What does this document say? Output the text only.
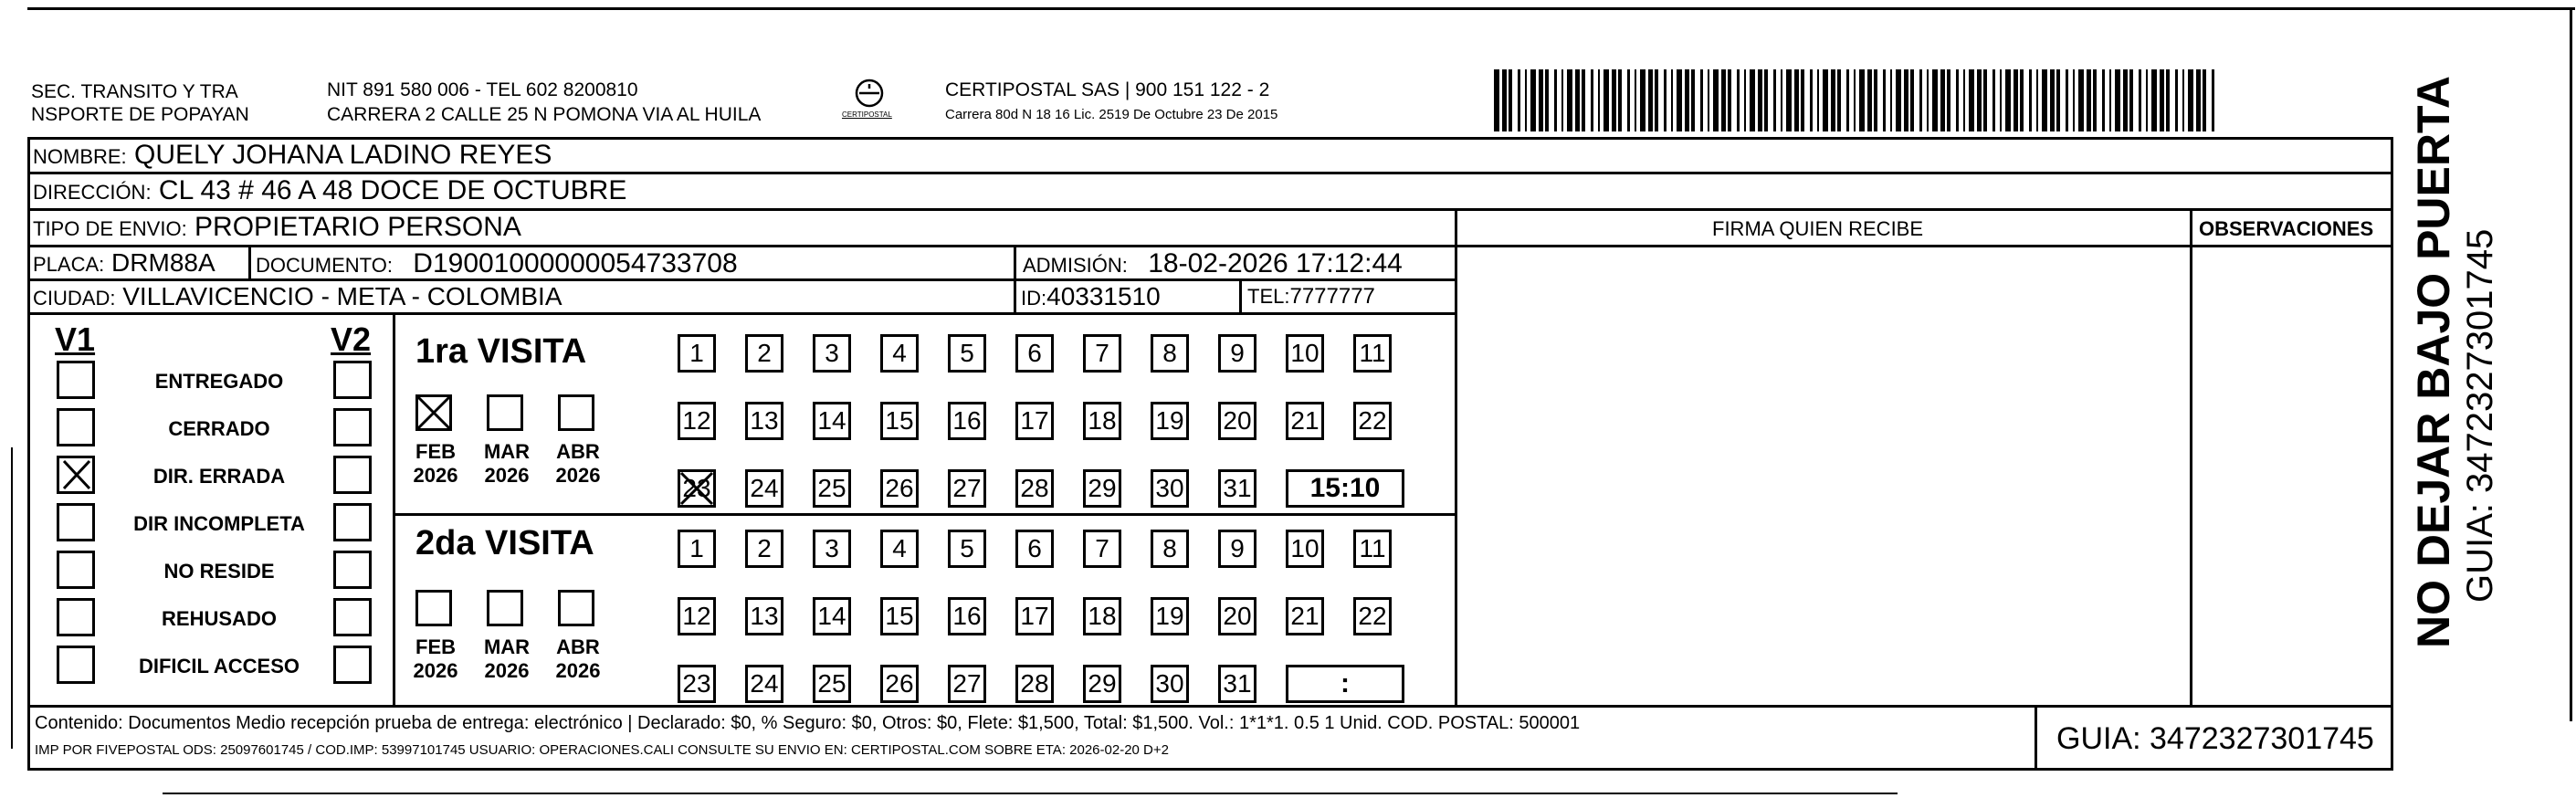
SEC. TRANSITO Y TRA
NSPORTE DE POPAYAN
NIT 891 580 006 - TEL 602 8200810
CARRERA 2 CALLE 25 N POMONA VIA AL HUILA	CERTIPOSTAL
CERTIPOSTAL SAS | 900 151 122 - 2
Carrera 80d N 18 16 Lic. 2519 De Octubre 23 De 2015
NOMBRE: QUELY JOHANA LADINO REYES
DIRECCIÓN: CL 43 # 46 A 48 DOCE DE OCTUBRE
TIPO DE ENVIO: PROPIETARIO PERSONA	FIRMA QUIEN RECIBE	OBSERVACIONES
PLACA: DRM88A DOCUMENTO: D19001000000054733708	ADMISIÓN: 18-02-2026 17:12:44
CIUDAD: VILLAVICENCIO - META - COLOMBIA	ID:40331510	TEL:7777777
V1	V2 1ra VISITA
2da VISITA
Contenido: Documentos Medio recepción prueba de entrega: electrónico | Declarado: $0, % Seguro: $0, Otros: $0, Flete: $1,500, Total: $1,500. Vol.: 1*1*1. 0.5 1 Unid. COD. POSTAL: 500001
IMP POR FIVEPOSTAL ODS: 25097601745 / COD.IMP: 53997101745 USUARIO: OPERACIONES.CALI CONSULTE SU ENVIO EN: CERTIPOSTAL.COM SOBRE ETA: 2026-02-20 D+2	GUIA: 3472327301745
NO DEJAR BAJO PUERTA GUIA: 3472327301745
ENTREGADO
CERRADO
DIR. ERRADA
DIR INCOMPLETA
NO RESIDE
REHUSADO
DIFICIL ACCESO
FEB
2026
MAR
2026
ABR
2026
FEB
2026
MAR
2026
ABR
2026
1	2	3	4	5	6	7	8	9	10 11
12 13 14 15 16 17 18 19 20 21 22
23 24 25 26 27 28 29 30 31	15:10
1	2	3	4	5	6	7	8	9	10 11
12 13 14 15 16 17 18 19 20 21 22
23 24 25 26 27 28 29 30 31	:
